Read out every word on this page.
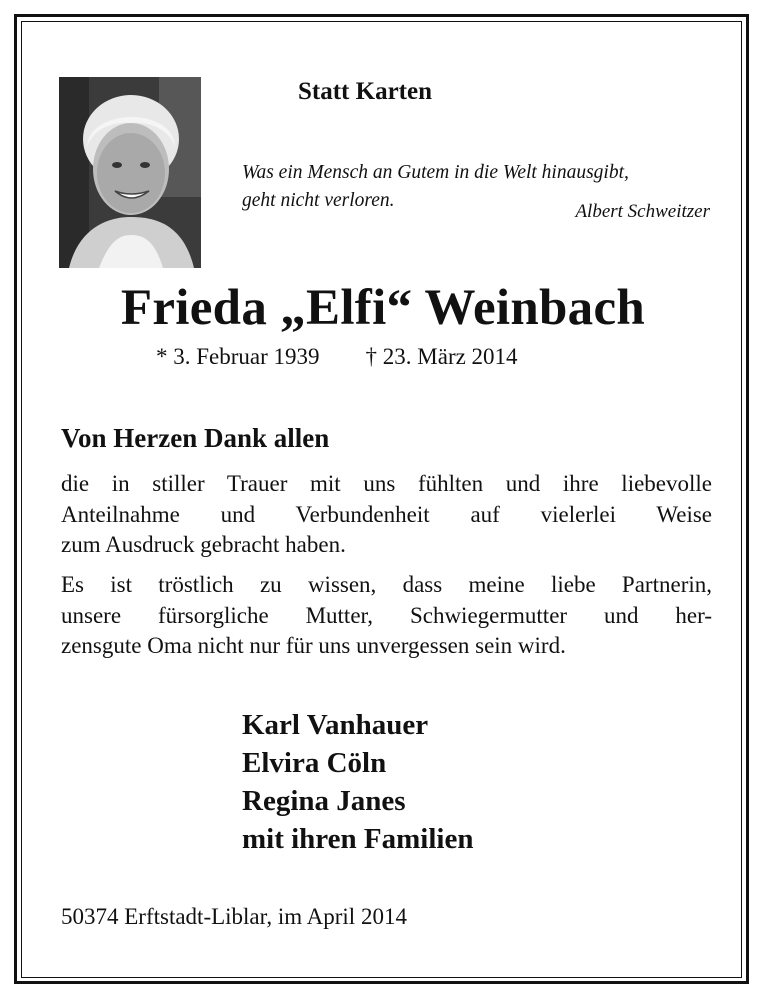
Statt Karten
Was ein Mensch an Gutem in die Welt hinausgibt,
geht nicht verloren.
Albert Schweitzer
Frieda „Elfi“ Weinbach
* 3. Februar 1939 † 23. März 2014
Von Herzen Dank allen
die in stiller Trauer mit uns fühlten und ihre liebevolle
Anteilnahme und Verbundenheit auf vielerlei Weise
zum Ausdruck gebracht haben.
Es ist tröstlich zu wissen, dass meine liebe Partnerin,
unsere fürsorgliche Mutter, Schwiegermutter und her-
zensgute Oma nicht nur für uns unvergessen sein wird.
Karl Vanhauer
Elvira Cöln
Regina Janes
mit ihren Familien
50374 Erftstadt-Liblar, im April 2014
